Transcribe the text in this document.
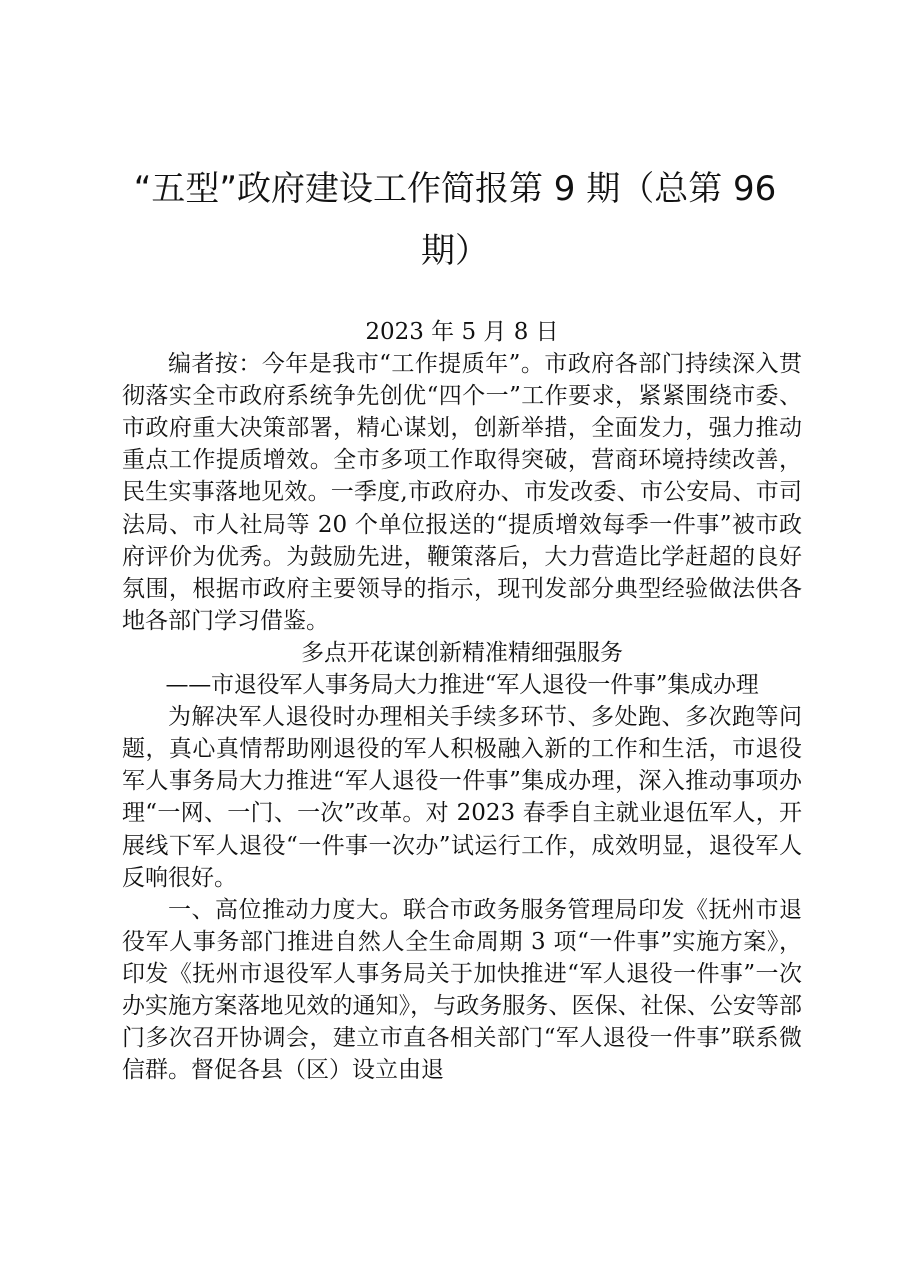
“五型”政府建设工作简报第 9 期（总第 96 期）

2023 年 5 月 8 日

编者按：今年是我市“工作提质年”。市政府各部门持续深入贯彻落实全市政府系统争先创优“四个一”工作要求，紧紧围绕市委、市政府重大决策部署，精心谋划，创新举措，全面发力，强力推动重点工作提质增效。全市多项工作取得突破，营商环境持续改善，民生实事落地见效。一季度,市政府办、市发改委、市公安局、市司法局、市人社局等 20 个单位报送的“提质增效每季一件事”被市政府评价为优秀。为鼓励先进，鞭策落后，大力营造比学赶超的良好氛围，根据市政府主要领导的指示，现刊发部分典型经验做法供各地各部门学习借鉴。

多点开花谋创新精准精细强服务

——市退役军人事务局大力推进“军人退役一件事”集成办理

为解决军人退役时办理相关手续多环节、多处跑、多次跑等问题，真心真情帮助刚退役的军人积极融入新的工作和生活，市退役军人事务局大力推进“军人退役一件事”集成办理，深入推动事项办理“一网、一门、一次”改革。对 2023 春季自主就业退伍军人，开展线下军人退役“一件事一次办”试运行工作，成效明显，退役军人反响很好。

一、高位推动力度大。联合市政务服务管理局印发《抚州市退役军人事务部门推进自然人全生命周期 3 项“一件事”实施方案》，印发《抚州市退役军人事务局关于加快推进“军人退役一件事”一次办实施方案落地见效的通知》，与政务服务、医保、社保、公安等部门多次召开协调会，建立市直各相关部门“军人退役一件事”联系微信群。督促各县（区）设立由退
